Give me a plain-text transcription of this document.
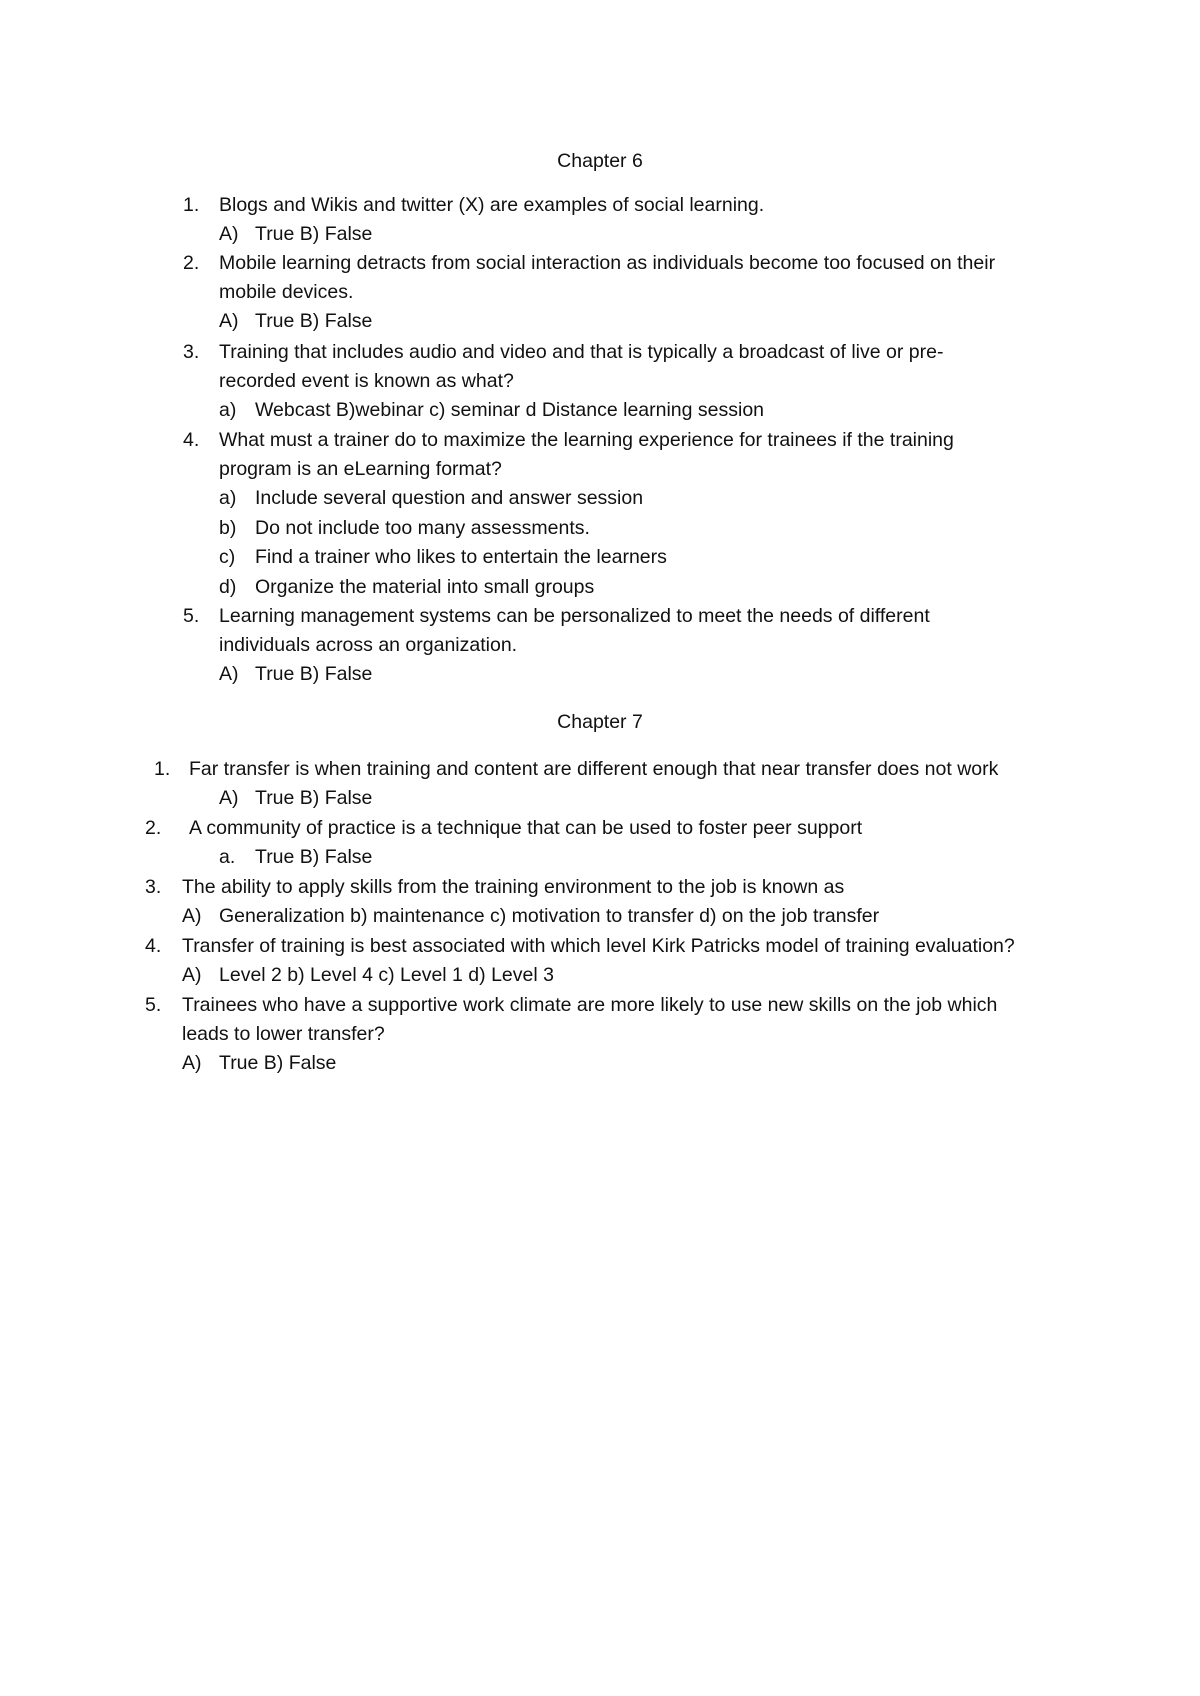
Chapter 6
1. Blogs and Wikis and twitter (X) are examples of social learning.
A) True B) False
2. Mobile learning detracts from social interaction as individuals become too focused on their
mobile devices.
A) True B) False
3. Training that includes audio and video and that is typically a broadcast of live or pre-
recorded event is known as what?
a) Webcast B)webinar c) seminar d Distance learning session
4. What must a trainer do to maximize the learning experience for trainees if the training
program is an eLearning format?
a) Include several question and answer session
b) Do not include too many assessments.
c) Find a trainer who likes to entertain the learners
d) Organize the material into small groups
5. Learning management systems can be personalized to meet the needs of different
individuals across an organization.
A) True B) False
Chapter 7
1. Far transfer is when training and content are different enough that near transfer does not work
A) True B) False
2. A community of practice is a technique that can be used to foster peer support
a. True B) False
3. The ability to apply skills from the training environment to the job is known as
A) Generalization b) maintenance c) motivation to transfer d) on the job transfer
4. Transfer of training is best associated with which level Kirk Patricks model of training evaluation?
A) Level 2 b) Level 4 c) Level 1 d) Level 3
5. Trainees who have a supportive work climate are more likely to use new skills on the job which
leads to lower transfer?
A) True B) False
